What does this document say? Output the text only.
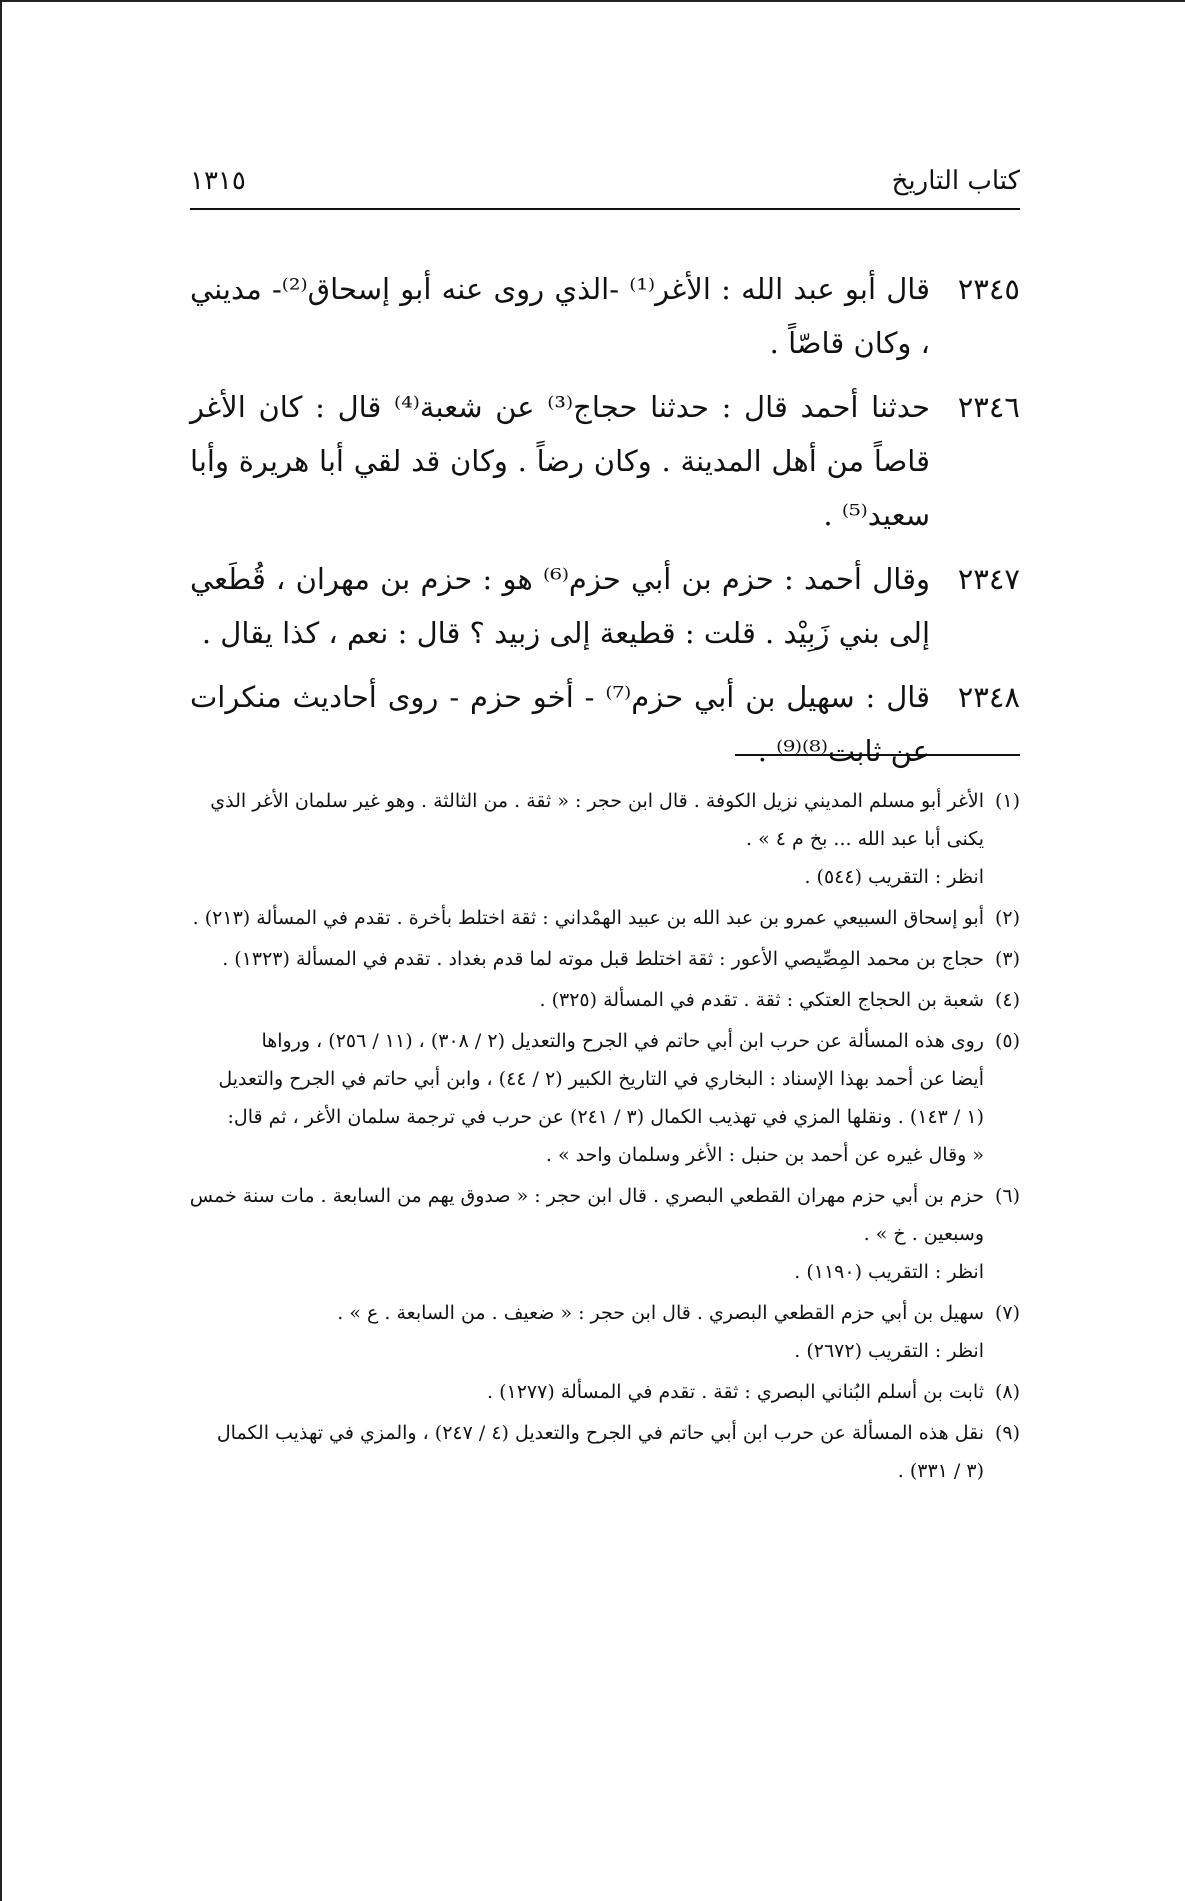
كتاب التاريخ
١٣١٥
٢٣٤٥
قال أبو عبد الله : الأغر⁽¹⁾ -الذي روى عنه أبو إسحاق⁽²⁾- مديني ، وكان قاصّاً .
٢٣٤٦
حدثنا أحمد قال : حدثنا حجاج⁽³⁾ عن شعبة⁽⁴⁾ قال : كان الأغر قاصاً من أهل المدينة . وكان رضاً . وكان قد لقي أبا هريرة وأبا سعيد⁽⁵⁾ .
٢٣٤٧
وقال أحمد : حزم بن أبي حزم⁽⁶⁾ هو : حزم بن مهران ، قُطَعي إلى بني زَبِيْد . قلت : قطيعة إلى زبيد ؟ قال : نعم ، كذا يقال .
٢٣٤٨
قال : سهيل بن أبي حزم⁽⁷⁾ - أخو حزم - روى أحاديث منكرات عن ثابت⁽⁸⁾⁽⁹⁾ .
(١)
الأغر أبو مسلم المديني نزيل الكوفة . قال ابن حجر : « ثقة . من الثالثة . وهو غير سلمان الأغر الذي
يكنى أبا عبد الله ... بخ م ٤ » .
انظر : التقريب (٥٤٤) .
(٢)
أبو إسحاق السبيعي عمرو بن عبد الله بن عبيد الهمْداني : ثقة اختلط بأخرة . تقدم في المسألة (٢١٣) .
(٣)
حجاج بن محمد المِصِّيصي الأعور : ثقة اختلط قبل موته لما قدم بغداد . تقدم في المسألة (١٣٢٣) .
(٤)
شعبة بن الحجاج العتكي : ثقة . تقدم في المسألة (٣٢٥) .
(٥)
روى هذه المسألة عن حرب ابن أبي حاتم في الجرح والتعديل (٢ / ٣٠٨) ، (١١ / ٢٥٦) ، ورواها
أيضا عن أحمد بهذا الإسناد : البخاري في التاريخ الكبير (٢ / ٤٤) ، وابن أبي حاتم في الجرح والتعديل
(١ / ١٤٣) . ونقلها المزي في تهذيب الكمال (٣ / ٢٤١) عن حرب في ترجمة سلمان الأغر ، ثم قال:
« وقال غيره عن أحمد بن حنبل : الأغر وسلمان واحد » .
(٦)
حزم بن أبي حزم مهران القطعي البصري . قال ابن حجر : « صدوق يهم من السابعة . مات سنة خمس
وسبعين . خ » .
انظر : التقريب (١١٩٠) .
(٧)
سهيل بن أبي حزم القطعي البصري . قال ابن حجر : « ضعيف . من السابعة . ع » .
انظر : التقريب (٢٦٧٢) .
(٨)
ثابت بن أسلم البُناني البصري : ثقة . تقدم في المسألة (١٢٧٧) .
(٩)
نقل هذه المسألة عن حرب ابن أبي حاتم في الجرح والتعديل (٤ / ٢٤٧) ، والمزي في تهذيب الكمال
(٣ / ٣٣١) .
